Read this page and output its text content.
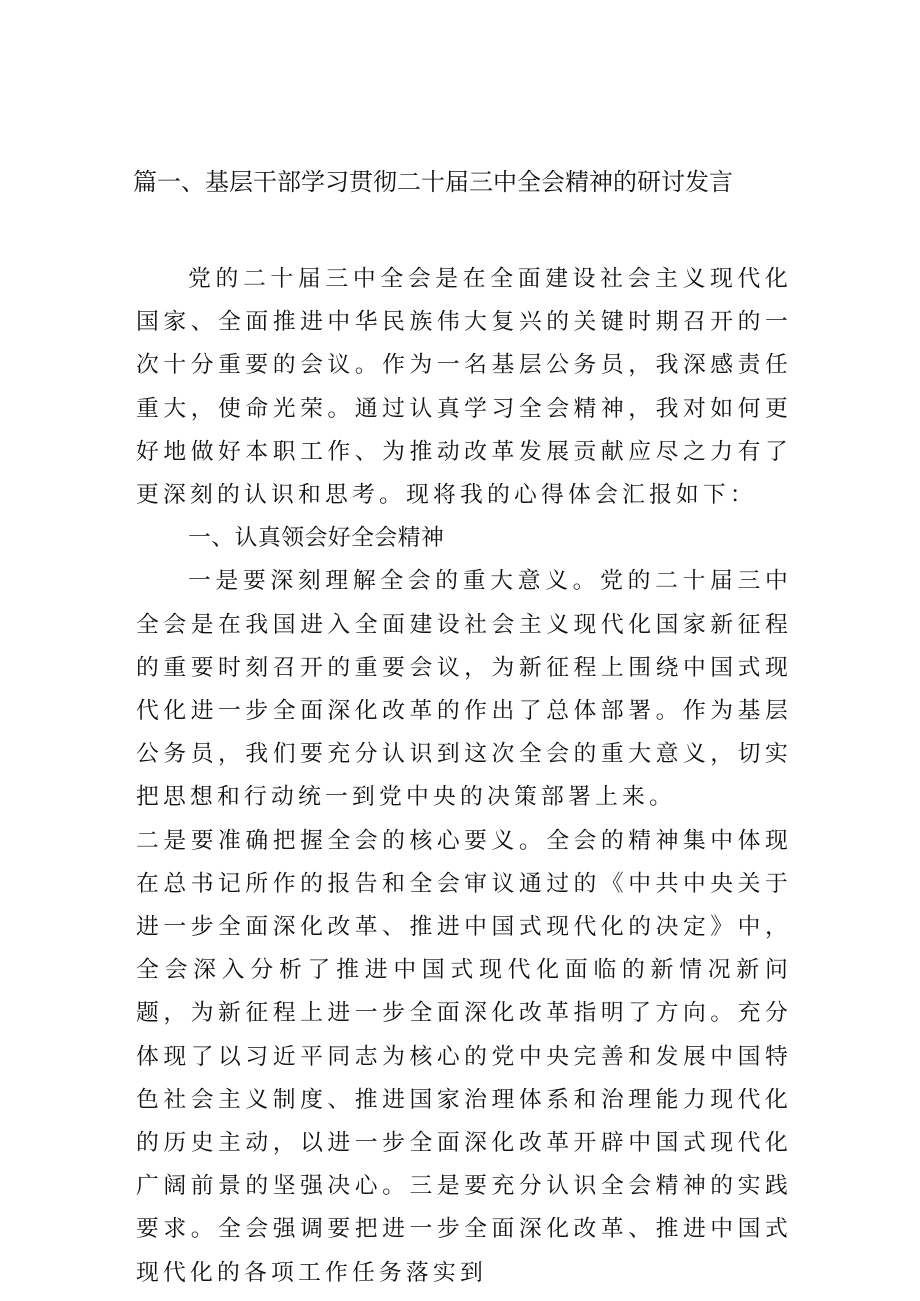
篇一、基层干部学习贯彻二十届三中全会精神的研讨发言

党的二十届三中全会是在全面建设社会主义现代化国家、全面推进中华民族伟大复兴的关键时期召开的一次十分重要的会议。作为一名基层公务员，我深感责任重大，使命光荣。通过认真学习全会精神，我对如何更好地做好本职工作、为推动改革发展贡献应尽之力有了更深刻的认识和思考。现将我的心得体会汇报如下：

一、认真领会好全会精神

一是要深刻理解全会的重大意义。党的二十届三中全会是在我国进入全面建设社会主义现代化国家新征程的重要时刻召开的重要会议，为新征程上围绕中国式现代化进一步全面深化改革的作出了总体部署。作为基层公务员，我们要充分认识到这次全会的重大意义，切实把思想和行动统一到党中央的决策部署上来。

二是要准确把握全会的核心要义。全会的精神集中体现在总书记所作的报告和全会审议通过的《中共中央关于进一步全面深化改革、推进中国式现代化的决定》中，全会深入分析了推进中国式现代化面临的新情况新问题，为新征程上进一步全面深化改革指明了方向。充分体现了以习近平同志为核心的党中央完善和发展中国特色社会主义制度、推进国家治理体系和治理能力现代化的历史主动，以进一步全面深化改革开辟中国式现代化广阔前景的坚强决心。三是要充分认识全会精神的实践要求。全会强调要把进一步全面深化改革、推进中国式现代化的各项工作任务落实到
